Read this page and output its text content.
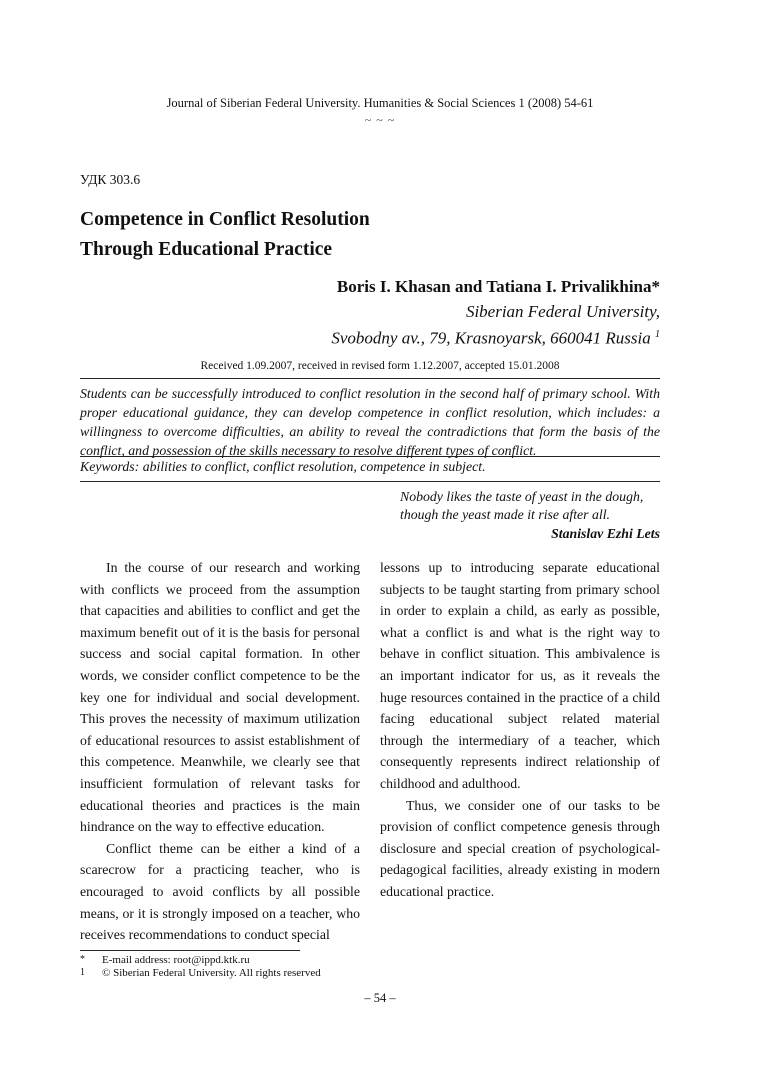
Journal of Siberian Federal University. Humanities & Social Sciences 1 (2008) 54-61
~ ~ ~
УДК 303.6
Competence in Conflict Resolution
Through Educational Practice
Boris I. Khasan and Tatiana I. Privalikhina*
Siberian Federal University,
Svobodny av., 79, Krasnoyarsk, 660041 Russia $^1$
Received 1.09.2007, received in revised form 1.12.2007, accepted 15.01.2008
Students can be successfully introduced to conflict resolution in the second half of primary school. With proper educational guidance, they can develop competence in conflict resolution, which includes: a willingness to overcome difficulties, an ability to reveal the contradictions that form the basis of the conflict, and possession of the skills necessary to resolve different types of conflict.
Keywords: abilities to conflict, conflict resolution, competence in subject.
Nobody likes the taste of yeast in the dough,
though the yeast made it rise after all.
Stanislav Ezhi Lets

In the course of our research and working with conflicts we proceed from the assumption that capacities and abilities to conflict and get the maximum benefit out of it is the basis for personal success and social capital formation. In other words, we consider conflict competence to be the key one for individual and social development. This proves the necessity of maximum utilization of educational resources to assist establishment of this competence. Meanwhile, we clearly see that insufficient formulation of relevant tasks for educational theories and practices is the main hindrance on the way to effective education.

Conflict theme can be either a kind of a scarecrow for a practicing teacher, who is encouraged to avoid conflicts by all possible means, or it is strongly imposed on a teacher, who receives recommendations to conduct special

lessons up to introducing separate educational subjects to be taught starting from primary school in order to explain a child, as early as possible, what a conflict is and what is the right way to behave in conflict situation. This ambivalence is an important indicator for us, as it reveals the huge resources contained in the practice of a child facing educational subject related material through the intermediary of a teacher, which consequently represents indirect relationship of childhood and adulthood.

Thus, we consider one of our tasks to be provision of conflict competence genesis through disclosure and special creation of psychological-pedagogical facilities, already existing in modern educational practice.

* E-mail address: root@ippd.ktk.ru
1 © Siberian Federal University. All rights reserved
– 54 –
